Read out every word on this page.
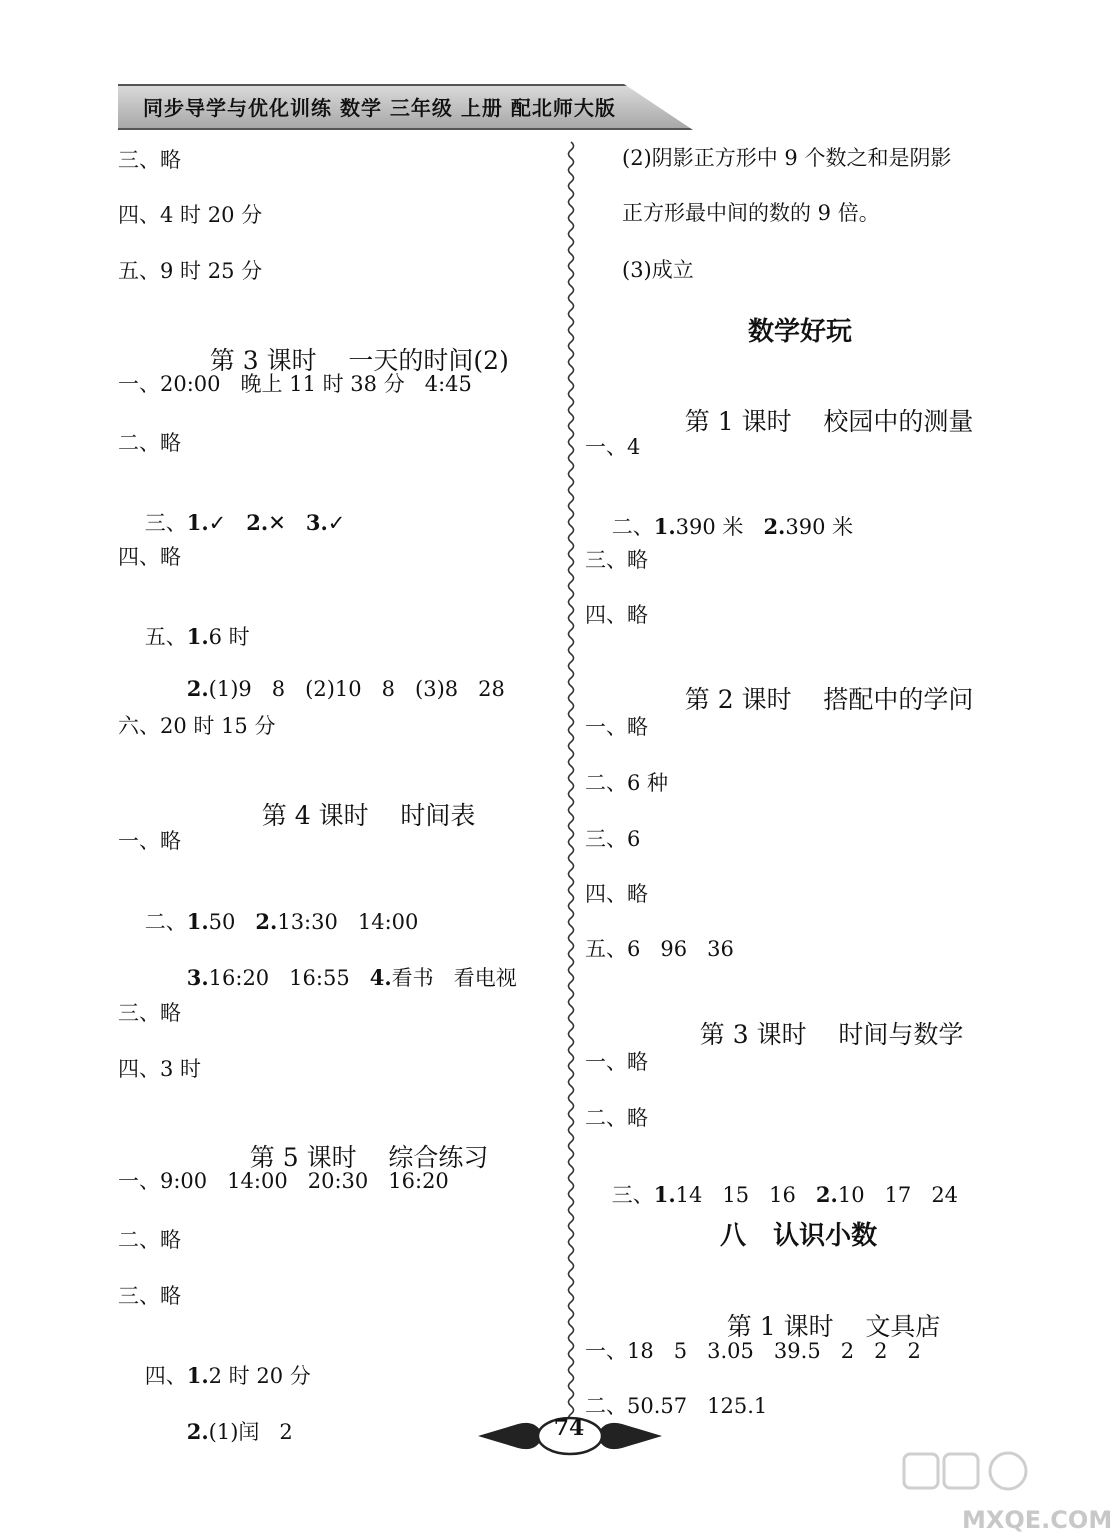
同步导学与优化训练 数学 三年级 上册 配北师大版
三、略
四、4 时 20 分
五、9 时 25 分

第 3 课时 一天的时间(2)

一、20:00   晚上 11 时 38 分   4:45
二、略

三、1.✓   2.✕   3.✓

四、略

五、1.6 时

2.(1)9   8   (2)10   8   (3)8   28

六、20 时 15 分

第 4 课时 时间表

一、略

二、1.50   2.13:30   14:00

3.16:20   16:55   4.看书   看电视

三、略
四、3 时

第 5 课时 综合练习

一、9:00   14:00   20:30   16:20
二、略
三、略

四、1.2 时 20 分

2.(1)闰   2

(2)阴影正方形中 9 个数之和是阴影
正方形最中间的数的 9 倍。
(3)成立
数学好玩

第 1 课时 校园中的测量

一、4

二、1.390 米   2.390 米

三、略
四、略

第 2 课时 搭配中的学问

一、略
二、6 种
三、6
四、略
五、6   96   36

第 3 课时 时间与数学

一、略
二、略

三、1.14   15   16   2.10   17   24

八   认识小数

第 1 课时 文具店

一、18   5   3.05   39.5   2   2   2
二、50.57   125.1
74
MXQE.COM
